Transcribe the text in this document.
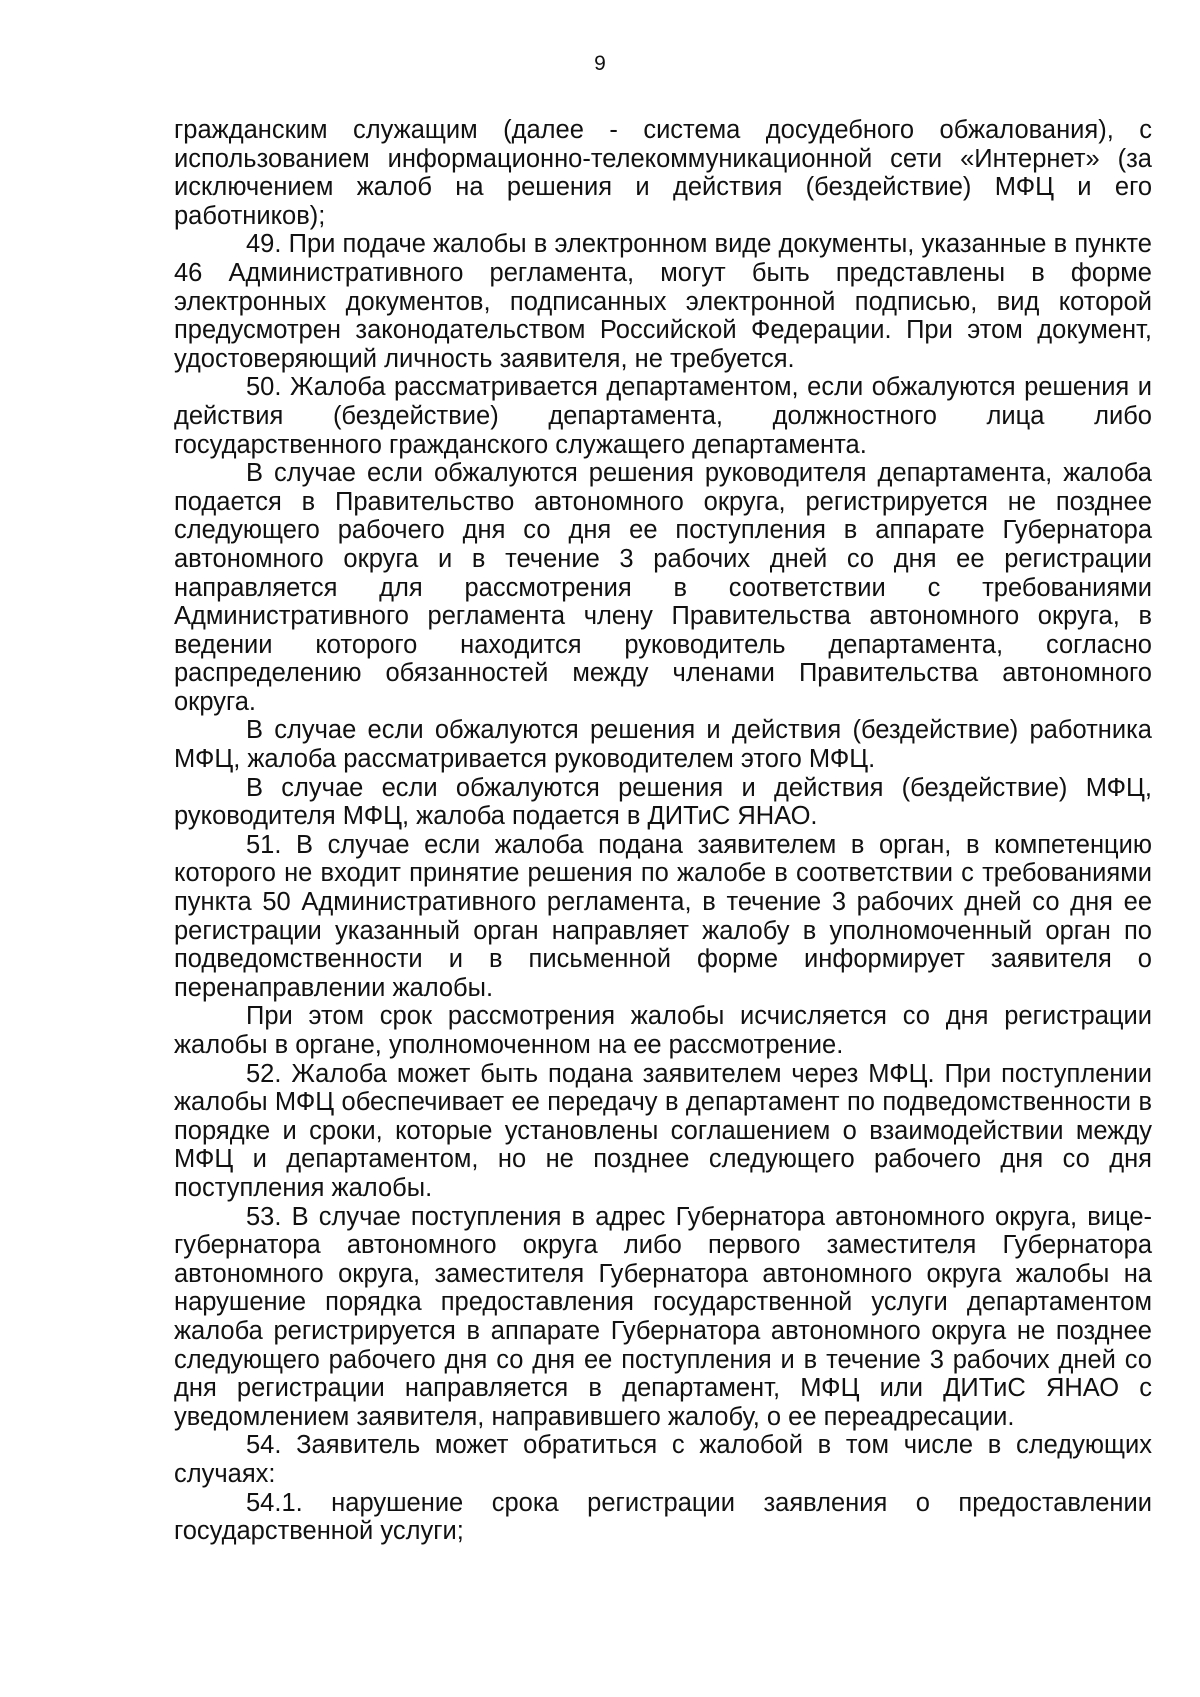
9

гражданским служащим (далее - система досудебного обжалования), с использованием информационно-телекоммуникационной сети «Интернет» (за исключением жалоб на решения и действия (бездействие) МФЦ и его работников);

49. При подаче жалобы в электронном виде документы, указанные в пункте 46 Административного регламента, могут быть представлены в форме электронных документов, подписанных электронной подписью, вид которой предусмотрен законодательством Российской Федерации. При этом документ, удостоверяющий личность заявителя, не требуется.

50. Жалоба рассматривается департаментом, если обжалуются решения и действия (бездействие) департамента, должностного лица либо государственного гражданского служащего департамента.

В случае если обжалуются решения руководителя департамента, жалоба подается в Правительство автономного округа, регистрируется не позднее следующего рабочего дня со дня ее поступления в аппарате Губернатора автономного округа и в течение 3 рабочих дней со дня ее регистрации направляется для рассмотрения в соответствии с требованиями Административного регламента члену Правительства автономного округа, в ведении которого находится руководитель департамента, согласно распределению обязанностей между членами Правительства автономного округа.

В случае если обжалуются решения и действия (бездействие) работника МФЦ, жалоба рассматривается руководителем этого МФЦ.

В случае если обжалуются решения и действия (бездействие) МФЦ, руководителя МФЦ, жалоба подается в ДИТиС ЯНАО.

51. В случае если жалоба подана заявителем в орган, в компетенцию которого не входит принятие решения по жалобе в соответствии с требованиями пункта 50 Административного регламента, в течение 3 рабочих дней со дня ее регистрации указанный орган направляет жалобу в уполномоченный орган по подведомственности и в письменной форме информирует заявителя о перенаправлении жалобы.

При этом срок рассмотрения жалобы исчисляется со дня регистрации жалобы в органе, уполномоченном на ее рассмотрение.

52. Жалоба может быть подана заявителем через МФЦ. При поступлении жалобы МФЦ обеспечивает ее передачу в департамент по подведомственности в порядке и сроки, которые установлены соглашением о взаимодействии между МФЦ и департаментом, но не позднее следующего рабочего дня со дня поступления жалобы.

53. В случае поступления в адрес Губернатора автономного округа, вице-губернатора автономного округа либо первого заместителя Губернатора автономного округа, заместителя Губернатора автономного округа жалобы на нарушение порядка предоставления государственной услуги департаментом жалоба регистрируется в аппарате Губернатора автономного округа не позднее следующего рабочего дня со дня ее поступления и в течение 3 рабочих дней со дня регистрации направляется в департамент, МФЦ или ДИТиС ЯНАО с уведомлением заявителя, направившего жалобу, о ее переадресации.

54. Заявитель может обратиться с жалобой в том числе в следующих случаях:

54.1. нарушение срока регистрации заявления о предоставлении государственной услуги;
